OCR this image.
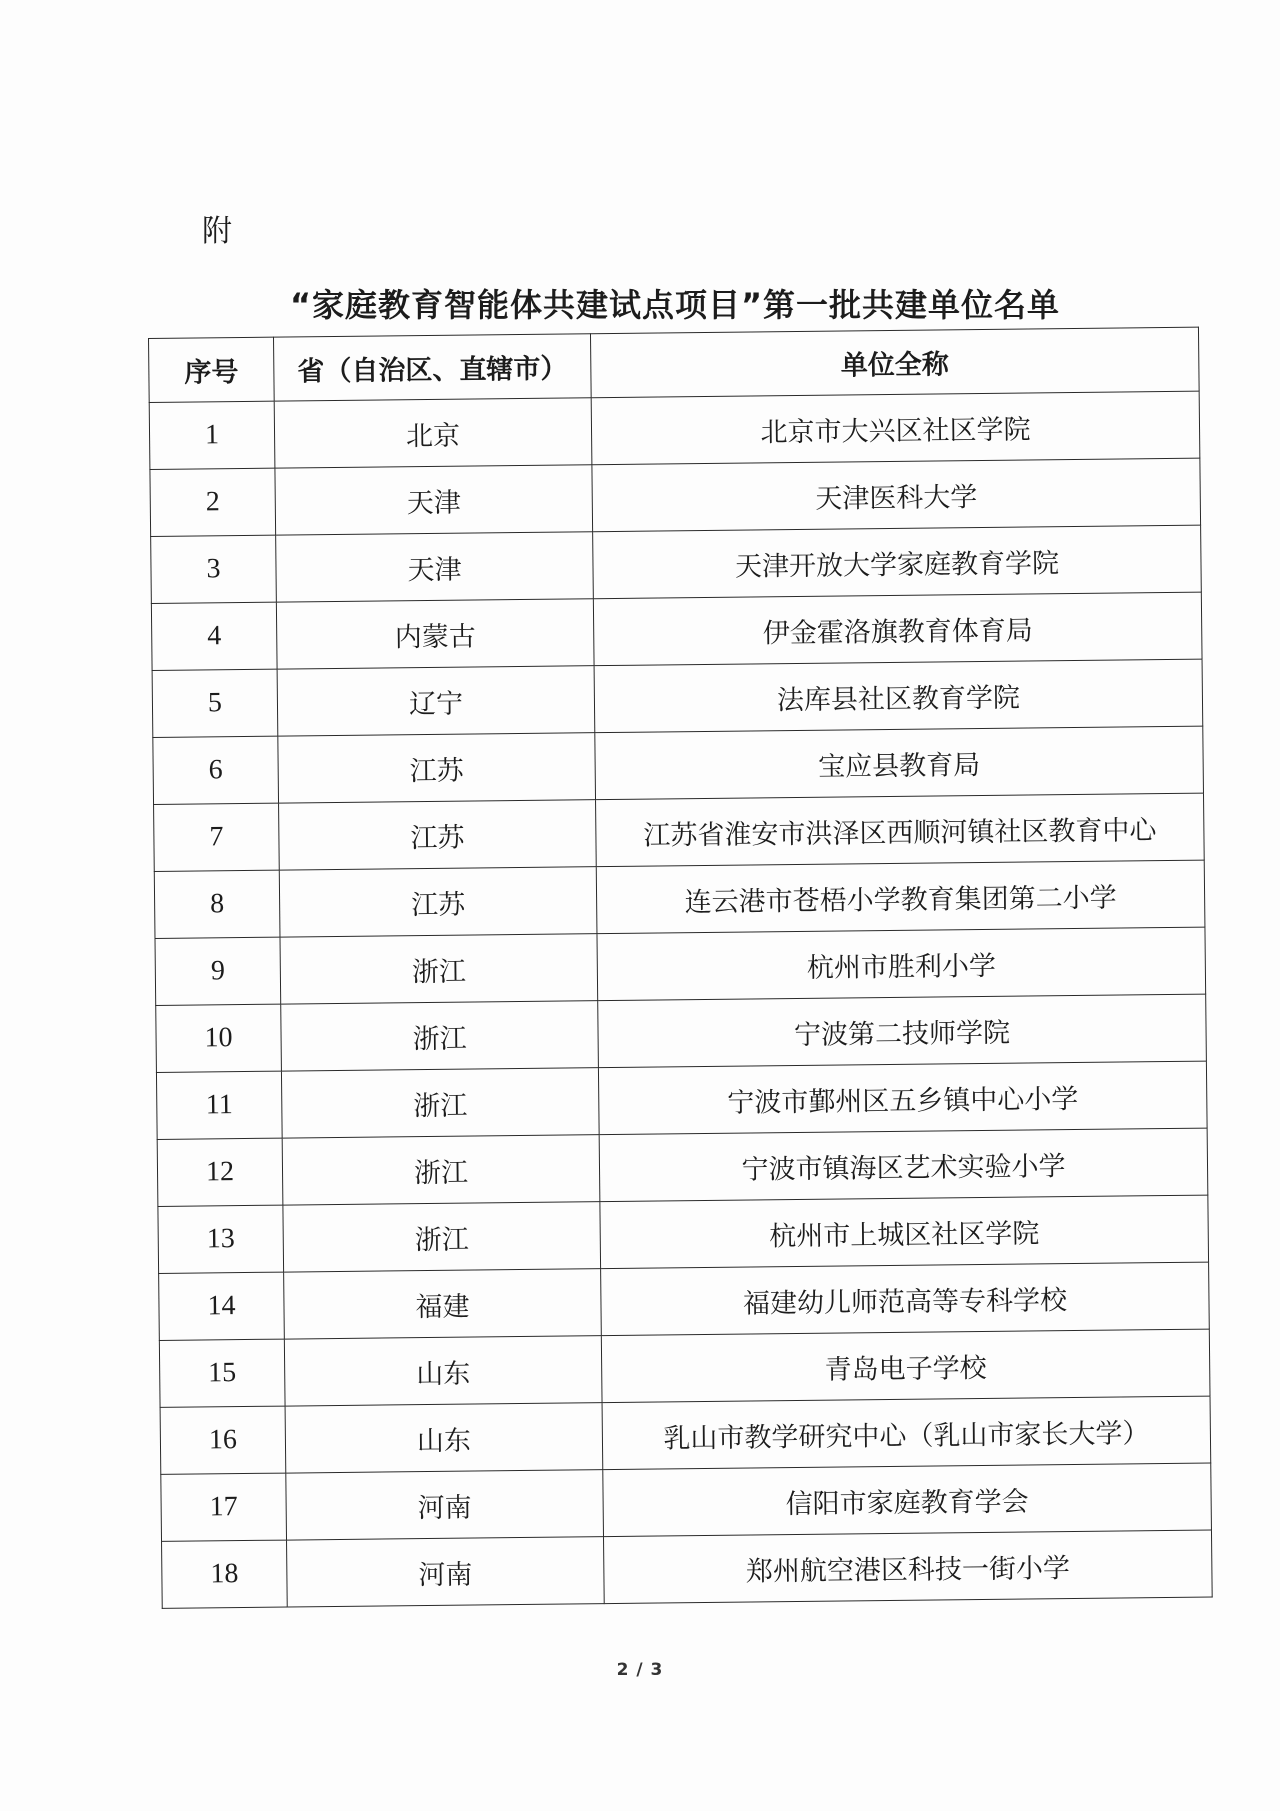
附
“家庭教育智能体共建试点项目”第一批共建单位名单
序号	省（自治区、直辖市）	单位全称
1	北京	北京市大兴区社区学院
2	天津	天津医科大学
3	天津	天津开放大学家庭教育学院
4	内蒙古	伊金霍洛旗教育体育局
5	辽宁	法库县社区教育学院
6	江苏	宝应县教育局
7	江苏	江苏省淮安市洪泽区西顺河镇社区教育中心
8	江苏	连云港市苍梧小学教育集团第二小学
9	浙江	杭州市胜利小学
10	浙江	宁波第二技师学院
11	浙江	宁波市鄞州区五乡镇中心小学
12	浙江	宁波市镇海区艺术实验小学
13	浙江	杭州市上城区社区学院
14	福建	福建幼儿师范高等专科学校
15	山东	青岛电子学校
16	山东	乳山市教学研究中心（乳山市家长大学）
17	河南	信阳市家庭教育学会
18	河南	郑州航空港区科技一街小学
2 / 3
